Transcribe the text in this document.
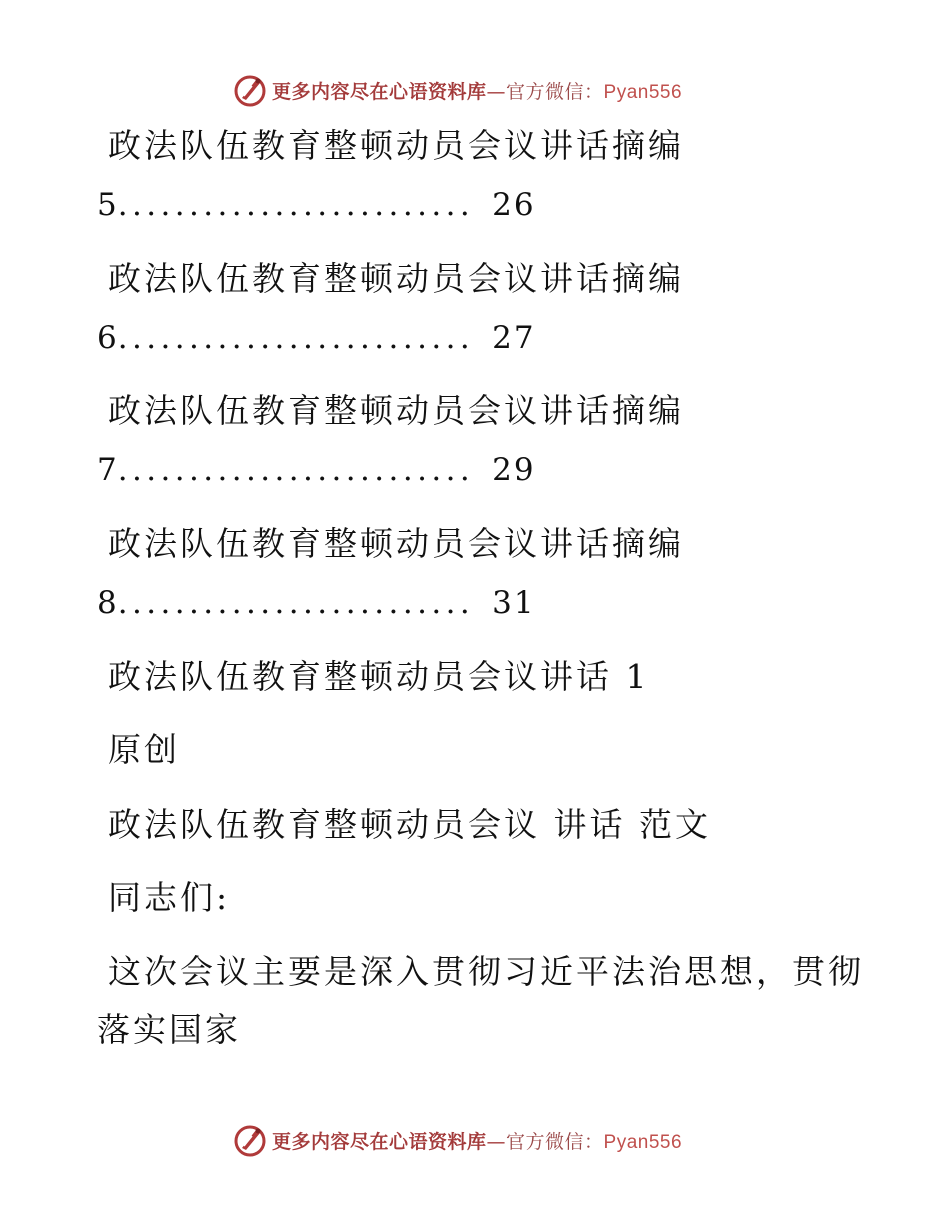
更多内容尽在心语资料库—官方微信：Pyan556
政法队伍教育整顿动员会议讲话摘编
5......................... 26
政法队伍教育整顿动员会议讲话摘编
6......................... 27
政法队伍教育整顿动员会议讲话摘编
7......................... 29
政法队伍教育整顿动员会议讲话摘编
8......................... 31
政法队伍教育整顿动员会议讲话 1
原创
政法队伍教育整顿动员会议 讲话 范文
同志们:
这次会议主要是深入贯彻习近平法治思想，贯彻
落实国家
更多内容尽在心语资料库—官方微信：Pyan556
